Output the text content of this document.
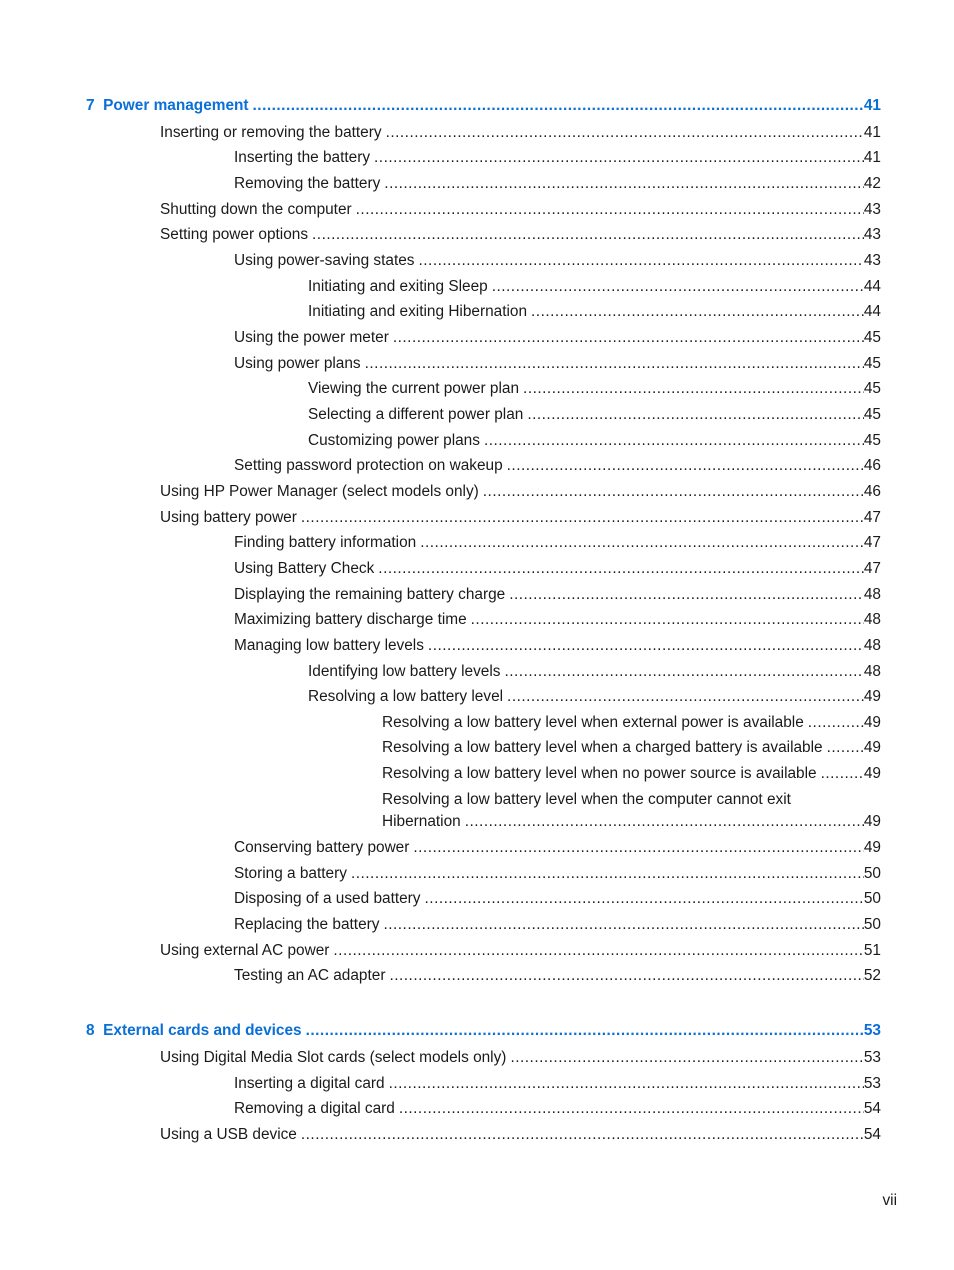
7
Power management .....	41
Inserting or removing the battery .....	41
Inserting the battery .....	41
Removing the battery .....	42
Shutting down the computer .....	43
Setting power options .....	43
Using power-saving states .....	43
Initiating and exiting Sleep .....	44
Initiating and exiting Hibernation .....	44
Using the power meter .....	45
Using power plans .....	45
Viewing the current power plan .....	45
Selecting a different power plan .....	45
Customizing power plans .....	45
Setting password protection on wakeup .....	46
Using HP Power Manager (select models only) .....	46
Using battery power .....	47
Finding battery information .....	47
Using Battery Check .....	47
Displaying the remaining battery charge .....	48
Maximizing battery discharge time .....	48
Managing low battery levels .....	48
Identifying low battery levels .....	48
Resolving a low battery level .....	49
Resolving a low battery level when external power is available .....	49
Resolving a low battery level when a charged battery is available .....	49
Resolving a low battery level when no power source is available .....	49
Resolving a low battery level when the computer cannot exit
Hibernation .....	49
Conserving battery power .....	49
Storing a battery .....	50
Disposing of a used battery .....	50
Replacing the battery .....	50
Using external AC power .....	51
Testing an AC adapter .....	52
8
External cards and devices .....	53
Using Digital Media Slot cards (select models only) .....	53
Inserting a digital card .....	53
Removing a digital card .....	54
Using a USB device .....	54
vii
